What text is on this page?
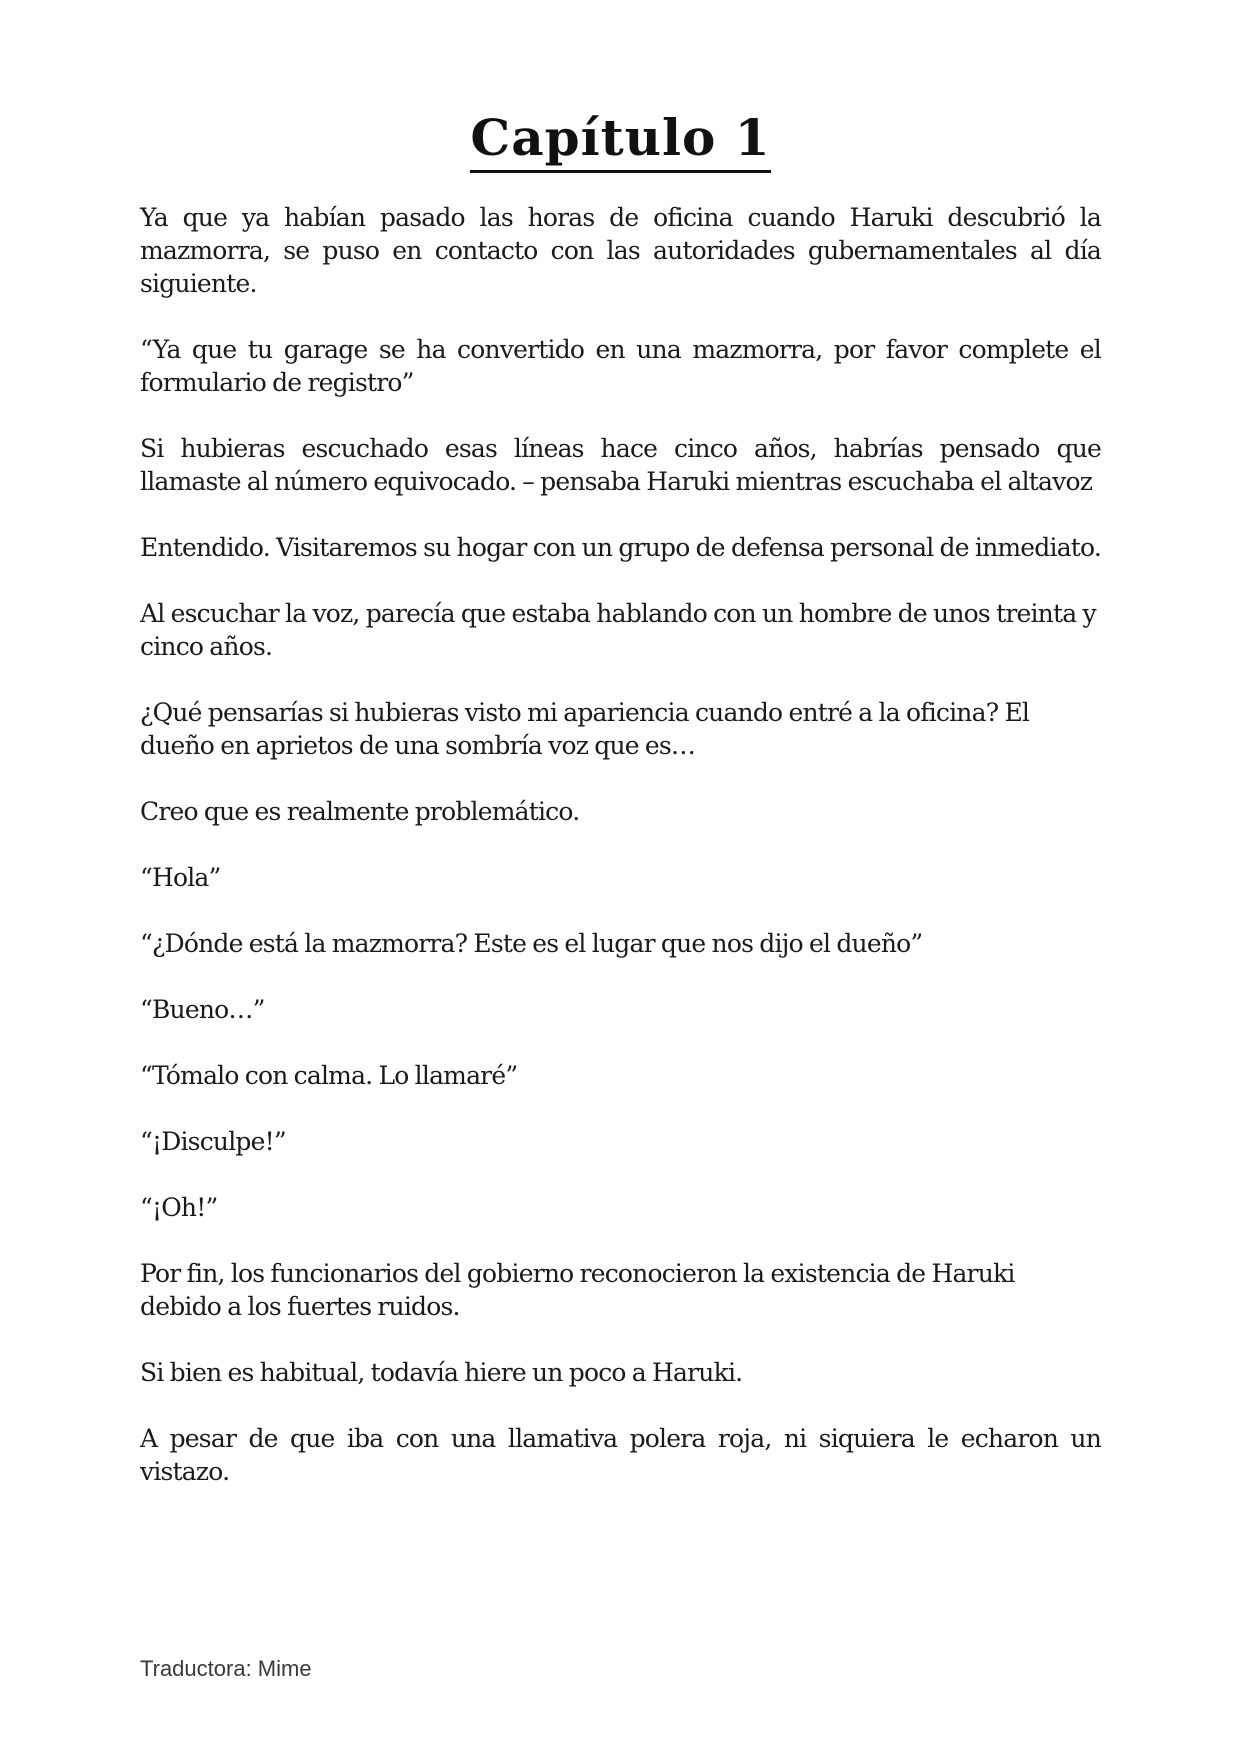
Capítulo 1

Ya que ya habían pasado las horas de oficina cuando Haruki descubrió la mazmorra, se puso en contacto con las autoridades gubernamentales al día siguiente.

“Ya que tu garage se ha convertido en una mazmorra, por favor complete el formulario de registro”

Si hubieras escuchado esas líneas hace cinco años, habrías pensado que llamaste al número equivocado. – pensaba Haruki mientras escuchaba el altavoz

Entendido. Visitaremos su hogar con un grupo de defensa personal de inmediato.

Al escuchar la voz, parecía que estaba hablando con un hombre de unos treinta y cinco años.

¿Qué pensarías si hubieras visto mi apariencia cuando entré a la oficina? El dueño en aprietos de una sombría voz que es…

Creo que es realmente problemático.

“Hola”

“¿Dónde está la mazmorra? Este es el lugar que nos dijo el dueño”

“Bueno…”

“Tómalo con calma. Lo llamaré”

“¡Disculpe!”

“¡Oh!”

Por fin, los funcionarios del gobierno reconocieron la existencia de Haruki debido a los fuertes ruidos.

Si bien es habitual, todavía hiere un poco a Haruki.

A pesar de que iba con una llamativa polera roja, ni siquiera le echaron un vistazo.

Traductora: Mime
